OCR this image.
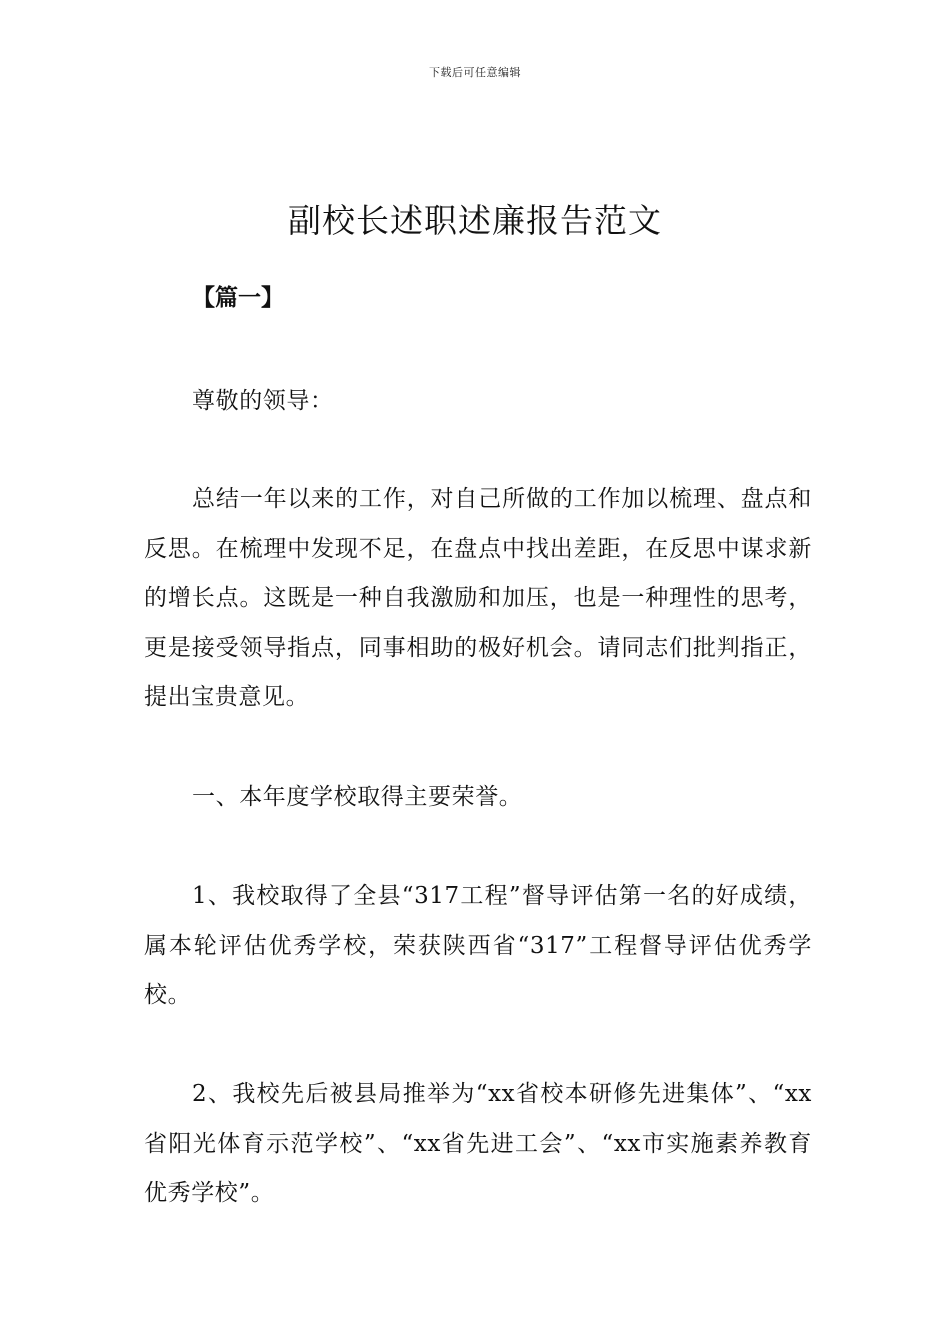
下载后可任意编辑
副校长述职述廉报告范文
【篇一】

尊敬的领导：

总结一年以来的工作，对自己所做的工作加以梳理、盘点和反思。在梳理中发现不足，在盘点中找出差距，在反思中谋求新的增长点。这既是一种自我激励和加压，也是一种理性的思考，更是接受领导指点，同事相助的极好机会。请同志们批判指正，提出宝贵意见。

一、本年度学校取得主要荣誉。

1、我校取得了全县“317工程”督导评估第一名的好成绩，属本轮评估优秀学校，荣获陕西省“317”工程督导评估优秀学校。

2、我校先后被县局推举为“xx省校本研修先进集体”、“xx省阳光体育示范学校”、“xx省先进工会”、“xx市实施素养教育优秀学校”。
